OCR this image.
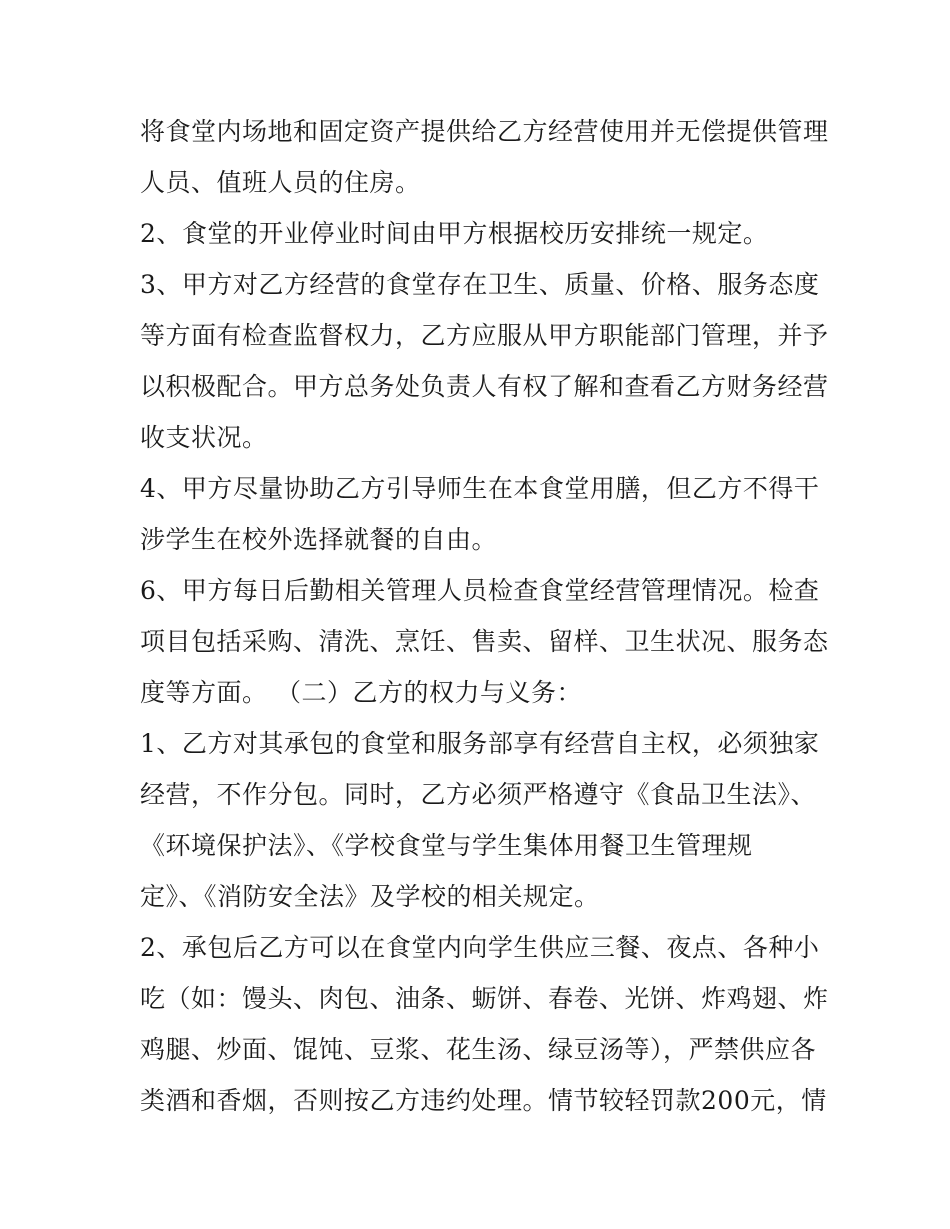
将食堂内场地和固定资产提供给乙方经营使用并无偿提供管理
人员、值班人员的住房。
2、食堂的开业停业时间由甲方根据校历安排统一规定。
3、甲方对乙方经营的食堂存在卫生、质量、价格、服务态度
等方面有检查监督权力，乙方应服从甲方职能部门管理，并予
以积极配合。甲方总务处负责人有权了解和查看乙方财务经营
收支状况。
4、甲方尽量协助乙方引导师生在本食堂用膳，但乙方不得干
涉学生在校外选择就餐的自由。
6、甲方每日后勤相关管理人员检查食堂经营管理情况。检查
项目包括采购、清洗、烹饪、售卖、留样、卫生状况、服务态
度等方面。 （二）乙方的权力与义务：
1、乙方对其承包的食堂和服务部享有经营自主权，必须独家
经营，不作分包。同时，乙方必须严格遵守《食品卫生法》、
《环境保护法》、《学校食堂与学生集体用餐卫生管理规
定》、《消防安全法》及学校的相关规定。
2、承包后乙方可以在食堂内向学生供应三餐、夜点、各种小
吃（如：馒头、肉包、油条、蛎饼、春卷、光饼、炸鸡翅、炸
鸡腿、炒面、馄饨、豆浆、花生汤、绿豆汤等），严禁供应各
类酒和香烟，否则按乙方违约处理。情节较轻罚款200元，情
